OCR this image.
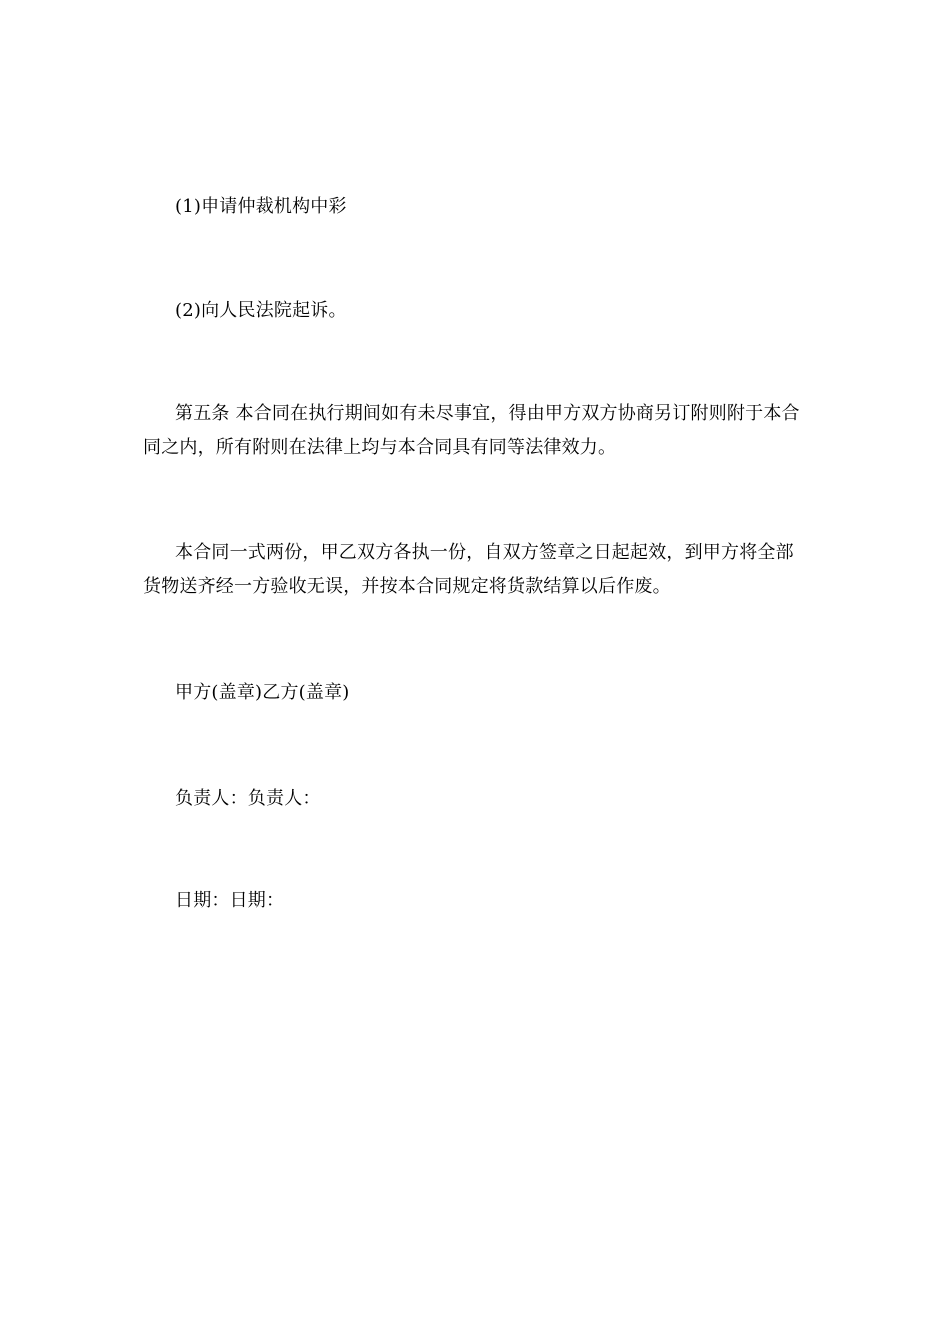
(1)申请仲裁机构中彩

(2)向人民法院起诉。

第五条 本合同在执行期间如有未尽事宜，得由甲方双方协商另订附则附于本合同之内，所有附则在法律上均与本合同具有同等法律效力。

本合同一式两份，甲乙双方各执一份，自双方签章之日起起效，到甲方将全部货物送齐经一方验收无误，并按本合同规定将货款结算以后作废。

甲方(盖章)乙方(盖章)

负责人：负责人：

日期：日期：
